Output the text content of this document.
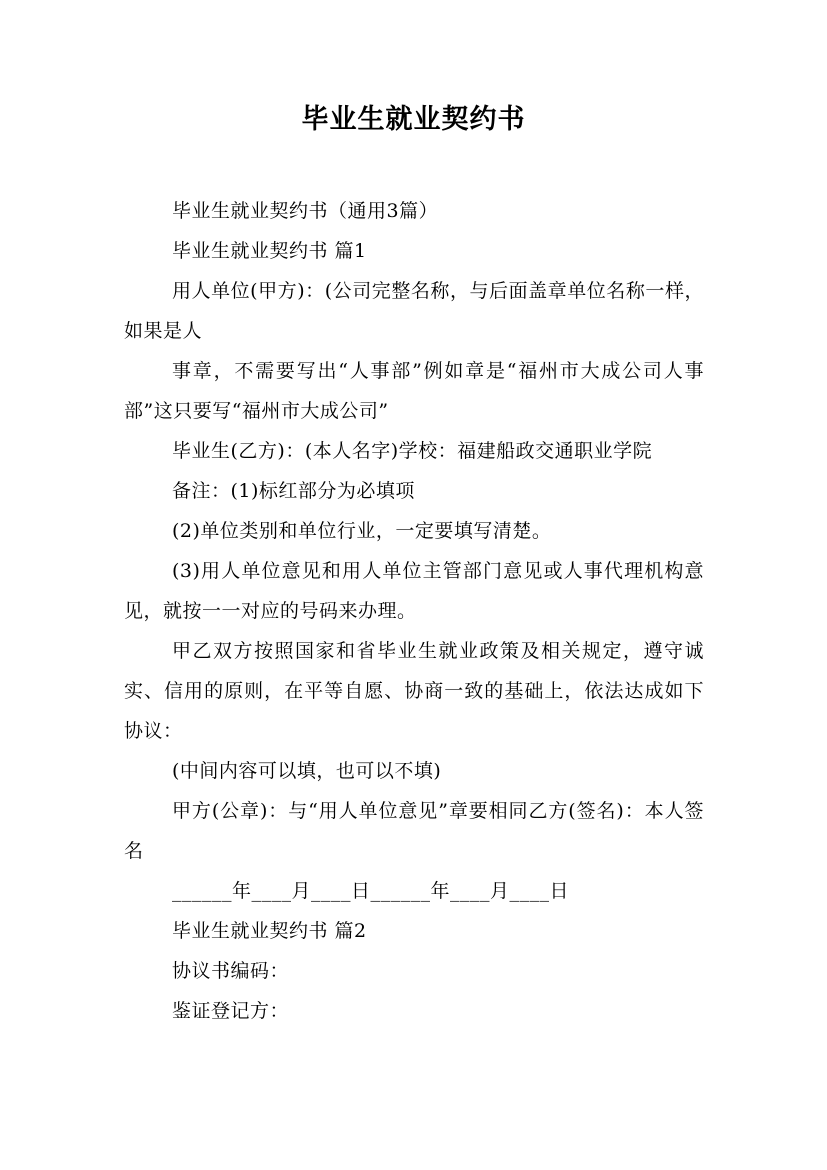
毕业生就业契约书

毕业生就业契约书（通用3篇）

毕业生就业契约书 篇1

用人单位(甲方)：(公司完整名称，与后面盖章单位名称一样，如果是人

事章，不需要写出“人事部”例如章是“福州市大成公司人事部”这只要写“福州市大成公司”

毕业生(乙方)：(本人名字)学校：福建船政交通职业学院

备注：(1)标红部分为必填项

(2)单位类别和单位行业，一定要填写清楚。

(3)用人单位意见和用人单位主管部门意见或人事代理机构意见，就按一一对应的号码来办理。

甲乙双方按照国家和省毕业生就业政策及相关规定，遵守诚实、信用的原则，在平等自愿、协商一致的基础上，依法达成如下协议：

(中间内容可以填，也可以不填)

甲方(公章)：与“用人单位意见”章要相同乙方(签名)：本人签名

______年____月____日______年____月____日

毕业生就业契约书 篇2

协议书编码：

鉴证登记方：
